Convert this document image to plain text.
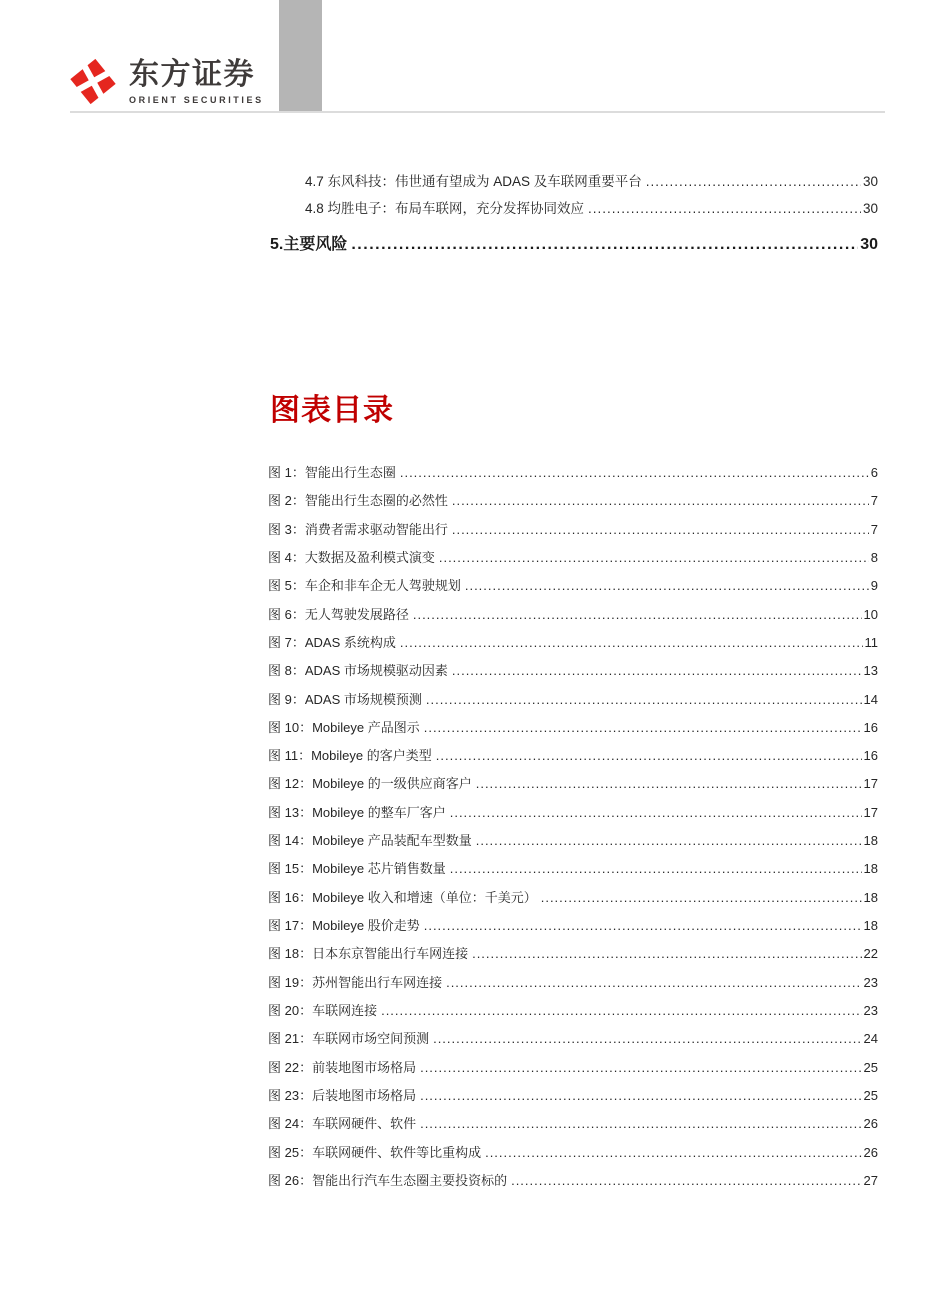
东方证券
ORIENT SECURITIES
4.7 东风科技：伟世通有望成为 ADAS 及车联网重要平台 .....	30
4.8 均胜电子：布局车联网，充分发挥协同效应 .....	30
5.主要风险 .....	30
图表目录
图 1：智能出行生态圈 .....	6
图 2：智能出行生态圈的必然性 .....	7
图 3：消费者需求驱动智能出行 .....	7
图 4：大数据及盈利模式演变 .....	8
图 5：车企和非车企无人驾驶规划 .....	9
图 6：无人驾驶发展路径 .....	10
图 7：ADAS 系统构成 .....	11
图 8：ADAS 市场规模驱动因素 .....	13
图 9：ADAS 市场规模预测 .....	14
图 10：Mobileye 产品图示 .....	16
图 11：Mobileye 的客户类型 .....	16
图 12：Mobileye 的一级供应商客户 .....	17
图 13：Mobileye 的整车厂客户 .....	17
图 14：Mobileye 产品装配车型数量 .....	18
图 15：Mobileye 芯片销售数量 .....	18
图 16：Mobileye 收入和增速（单位：千美元） .....	18
图 17：Mobileye 股价走势 .....	18
图 18：日本东京智能出行车网连接 .....	22
图 19：苏州智能出行车网连接 .....	23
图 20：车联网连接 .....	23
图 21：车联网市场空间预测 .....	24
图 22：前装地图市场格局 .....	25
图 23：后装地图市场格局 .....	25
图 24：车联网硬件、软件 .....	26
图 25：车联网硬件、软件等比重构成 .....	26
图 26：智能出行汽车生态圈主要投资标的 .....	27
